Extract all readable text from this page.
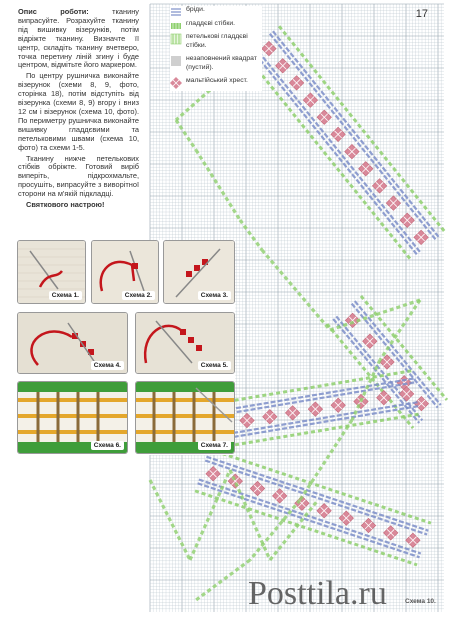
17
бріди.
гладдєві стібки.
петелькові гладдєві стібки.
незаповнений квадрат (пустий).
мальтійський хрест.

Опис роботи:	тканину випрасуйте. Розрахуйте тканину під вишивку візерунків, потім відріжте тканину. Визначте її центр, складіть тканину вчетверо, точка перетину ліній згину і буде центром, відмітьте його маркером.

По центру рушничка виконайте візерунок (схеми 8, 9, фото, сторінка 18), потім відступіть від візерунка (схеми 8, 9) вгору і вниз 12 см і візерунок (схема 10, фото). По периметру рушничка виконайте вишивку гладдєвими та петельковими швами (схема 10, фото) та схеми 1-5.

Тканину нижче петелькових стібків обріжте. Готовий виріб виперіть, підкрохмальте, просушіть, випрасуйте з виворітної сторони на м'якій підкладці.

Святкового настрою!

Схема 1.	Схема 2.	Схема 3.
Схема 4.	Схема 5.
Схема 6.	Схема 7.
Posttila.ru	Схема 10.
